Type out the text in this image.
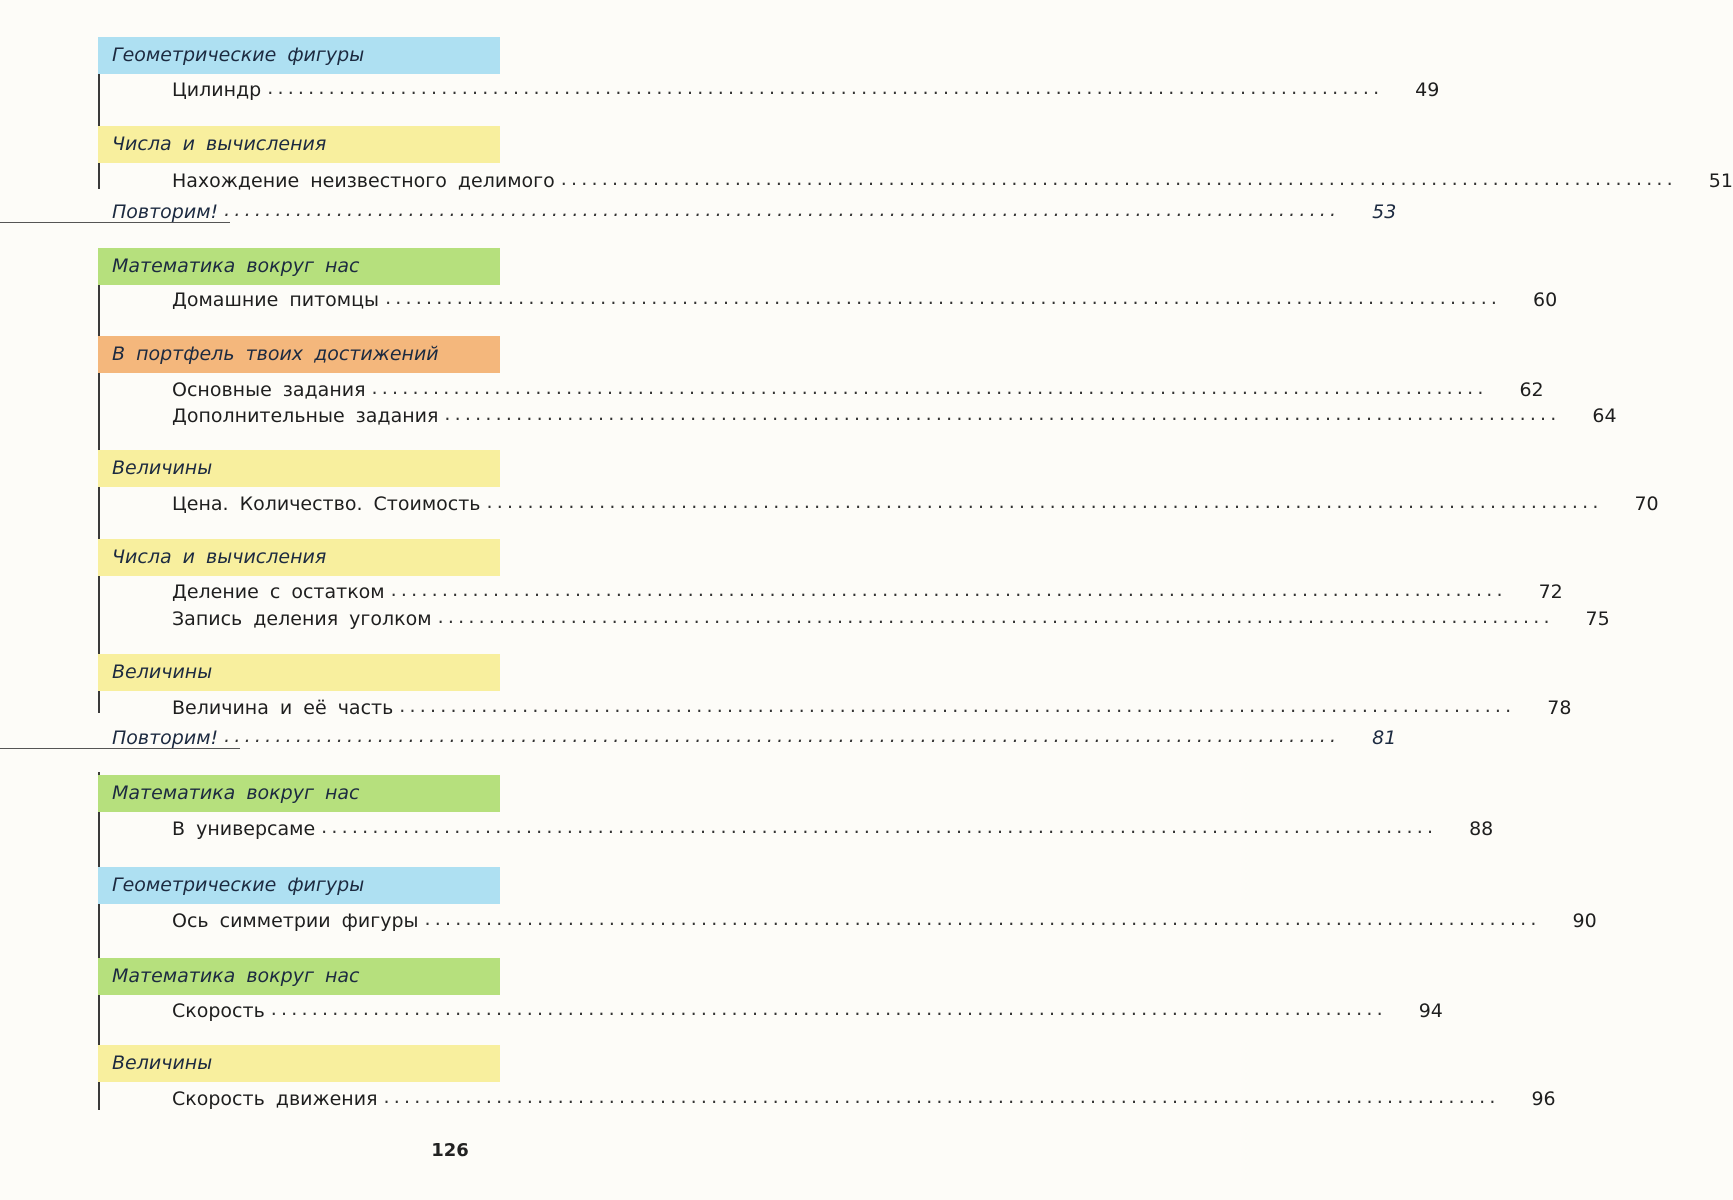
Геометрические фигуры
Цилиндр .............................................................................................................	49
Числа и вычисления
Нахождение неизвестного делимого .............................................................................................................	51
Повторим! .............................................................................................................	53
Математика вокруг нас
Домашние питомцы .............................................................................................................	60
В портфель твоих достижений
Основные задания .............................................................................................................	62
Дополнительные задания .............................................................................................................	64
Величины
Цена. Количество. Стоимость .............................................................................................................	70
Числа и вычисления
Деление с остатком .............................................................................................................	72
Запись деления уголком .............................................................................................................	75
Величины
Величина и её часть .............................................................................................................	78
Повторим! .............................................................................................................	81
Математика вокруг нас
В универсаме .............................................................................................................	88
Геометрические фигуры
Ось симметрии фигуры .............................................................................................................	90
Математика вокруг нас
Скорость .............................................................................................................	94
Величины
Скорость движения .............................................................................................................	96
126
